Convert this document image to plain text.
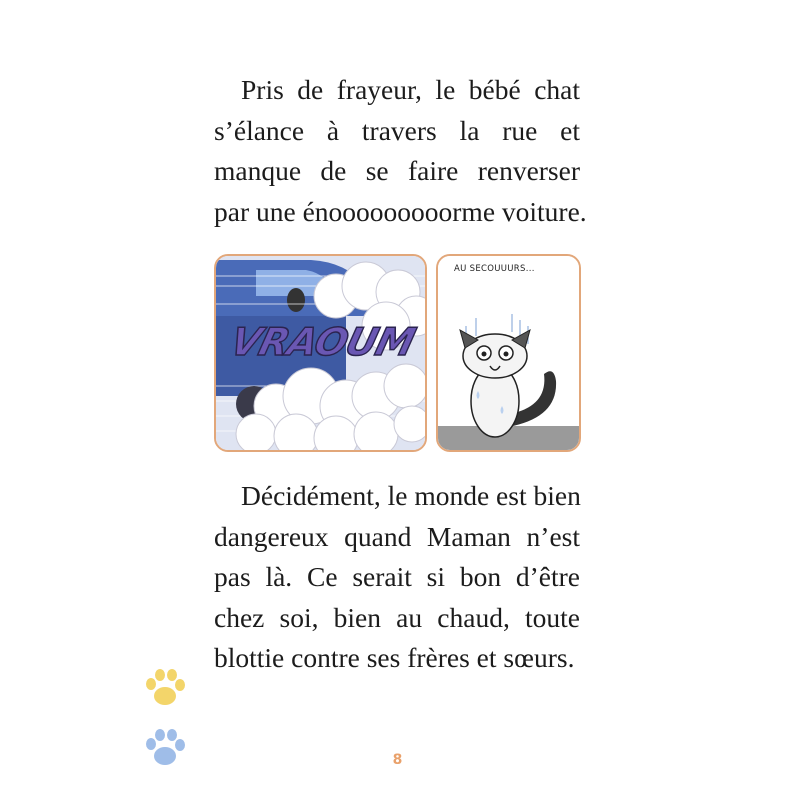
Pris de frayeur, le bébé chat
s’élance à travers la rue et
manque de se faire renverser
par une énooooooooorme voiture.
VRAOUM
AU SECOUUURS...
Décidément, le monde est bien
dangereux quand Maman n’est
pas là. Ce serait si bon d’être
chez soi, bien au chaud, toute
blottie contre ses frères et sœurs.
8
